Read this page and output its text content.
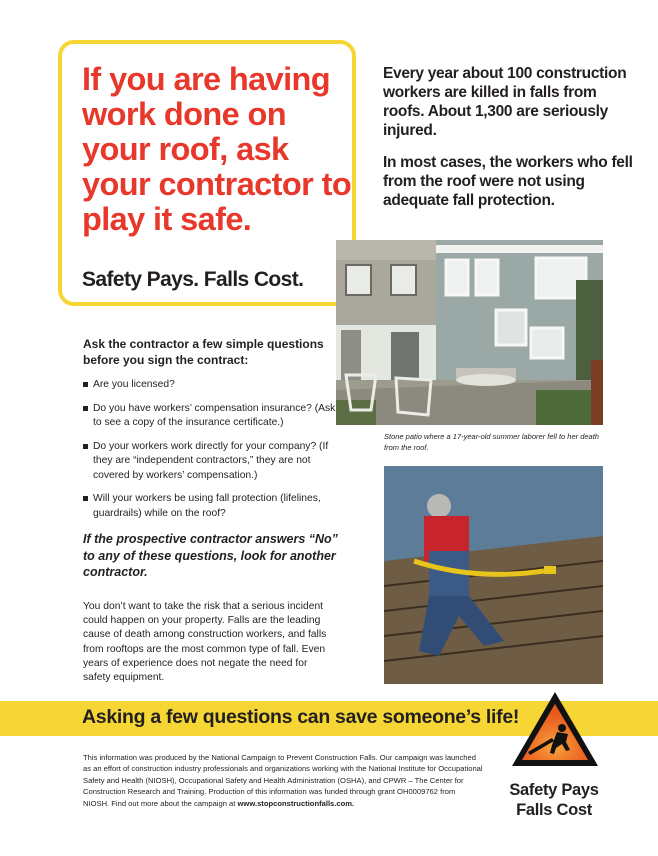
If you are having work done on your roof, ask your contractor to play it safe.
Safety Pays. Falls Cost.

Every year about 100 construction workers are killed in falls from roofs. About 1,300 are seriously injured.

In most cases, the workers who fell from the roof were not using adequate fall protection.

Stone patio where a 17-year-old summer laborer fell to her death from the roof.
Ask the contractor a few simple questions before you sign the contract:
Are you licensed?
Do you have workers’ compensation insurance? (Ask to see a copy of the insurance certificate.)
Do your workers work directly for your company? (If they are “independent contractors,” they are not covered by workers’ compensation.)
Will your workers be using fall protection (lifelines, guardrails) while on the roof?
If the prospective contractor answers “No” to any of these questions, look for another contractor.
You don’t want to take the risk that a serious incident could happen on your property. Falls are the leading cause of death among construction workers, and falls from rooftops are the most common type of fall. Even years of experience does not negate the need for safety equipment.
Asking a few questions can save someone’s life!
This information was produced by the National Campaign to Prevent Construction Falls. Our campaign was launched as an effort of construction industry professionals and organizations working with the National Institute for Occupational Safety and Health (NIOSH), Occupational Safety and Health Administration (OSHA), and CPWR – The Center for Construction Research and Training. Production of this information was funded through grant OH0009762 from NIOSH. Find out more about the campaign at www.stopconstructionfalls.com.
Safety Pays
Falls Cost
